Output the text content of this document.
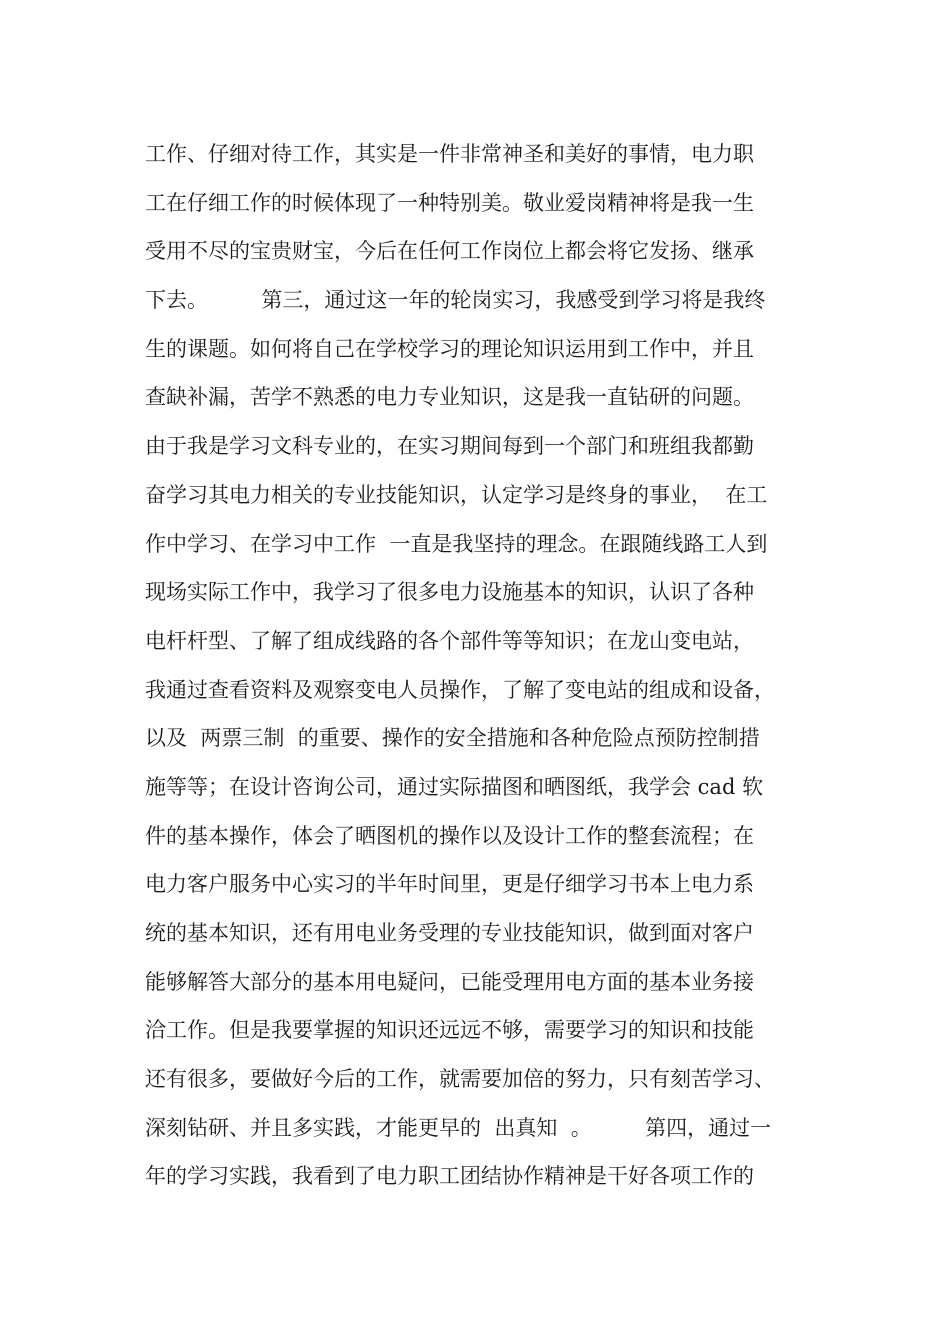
工作、仔细对待工作，其实是一件非常神圣和美好的事情，电力职
工在仔细工作的时候体现了一种特别美。敬业爱岗精神将是我一生
受用不尽的宝贵财宝，今后在任何工作岗位上都会将它发扬、继承
下去。        第三，通过这一年的轮岗实习，我感受到学习将是我终
生的课题。如何将自己在学校学习的理论知识运用到工作中，并且
查缺补漏，苦学不熟悉的电力专业知识，这是我一直钻研的问题。
由于我是学习文科专业的，在实习期间每到一个部门和班组我都勤
奋学习其电力相关的专业技能知识，认定学习是终身的事业，  在工
作中学习、在学习中工作  一直是我坚持的理念。在跟随线路工人到
现场实际工作中，我学习了很多电力设施基本的知识，认识了各种
电杆杆型、了解了组成线路的各个部件等等知识；在龙山变电站，
我通过查看资料及观察变电人员操作，了解了变电站的组成和设备，
以及  两票三制  的重要、操作的安全措施和各种危险点预防控制措
施等等；在设计咨询公司，通过实际描图和晒图纸，我学会 cad 软
件的基本操作，体会了晒图机的操作以及设计工作的整套流程；在
电力客户服务中心实习的半年时间里，更是仔细学习书本上电力系
统的基本知识，还有用电业务受理的专业技能知识，做到面对客户
能够解答大部分的基本用电疑问，已能受理用电方面的基本业务接
洽工作。但是我要掌握的知识还远远不够，需要学习的知识和技能
还有很多，要做好今后的工作，就需要加倍的努力，只有刻苦学习、
深刻钻研、并且多实践，才能更早的  出真知  。        第四，通过一
年的学习实践，我看到了电力职工团结协作精神是干好各项工作的
